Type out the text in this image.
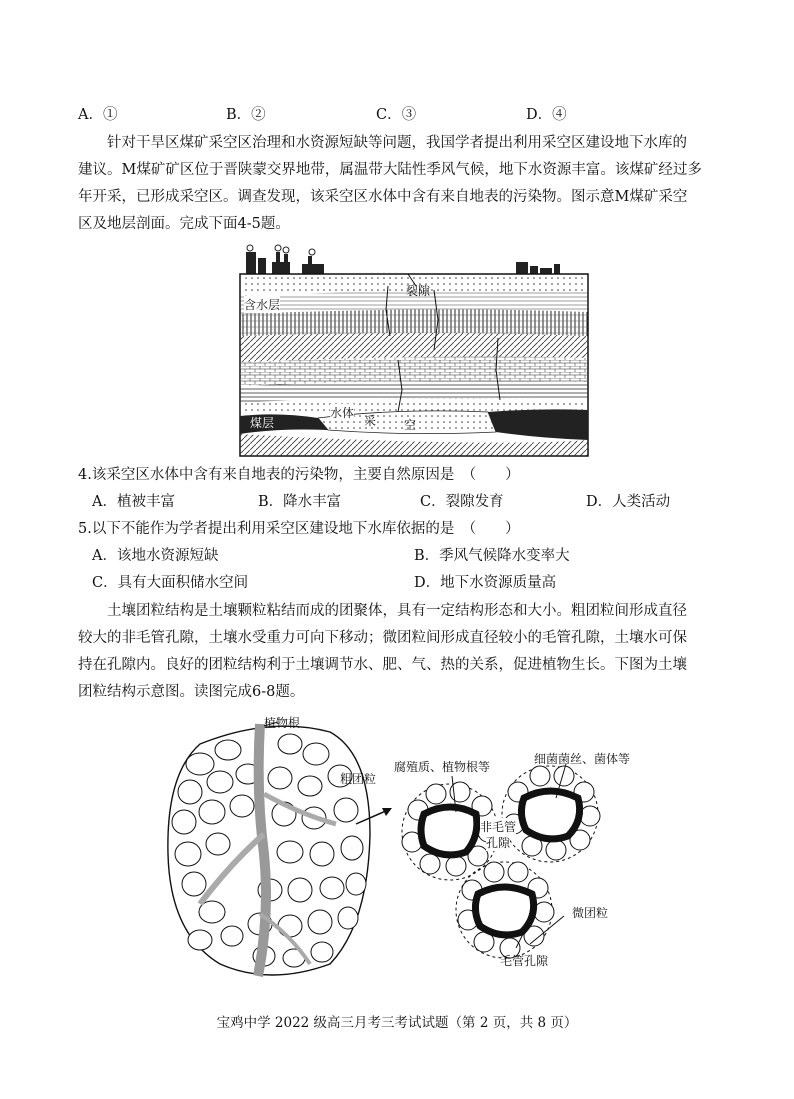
A．①	B．②	C．③	D．④
针对干旱区煤矿采空区治理和水资源短缺等问题，我国学者提出利用采空区建设地下水库的
建议。M煤矿矿区位于晋陕蒙交界地带，属温带大陆性季风气候，地下水资源丰富。该煤矿经过多
年开采，已形成采空区。调查发现，该采空区水体中含有来自地表的污染物。图示意M煤矿采空
区及地层剖面。完成下面4-5题。
裂隙
含水层
煤层
水体
采 空
4.该采空区水体中含有来自地表的污染物，主要自然原因是　（　　）
A．植被丰富	B．降水丰富	C．裂隙发育	D．人类活动
5.以下不能作为学者提出利用采空区建设地下水库依据的是　（　　）
A．该地水资源短缺	B．季风气候降水变率大
C．具有大面积储水空间	D．地下水资源质量高
土壤团粒结构是土壤颗粒粘结而成的团聚体，具有一定结构形态和大小。粗团粒间形成直径
较大的非毛管孔隙，土壤水受重力可向下移动；微团粒间形成直径较小的毛管孔隙，土壤水可保
持在孔隙内。良好的团粒结构利于土壤调节水、肥、气、热的关系，促进植物生长。下图为土壤
团粒结构示意图。读图完成6-8题。
植物根
粗团粒
腐殖质、植物根等
细菌菌丝、菌体等
非毛管
孔隙
微团粒
毛管孔隙
宝鸡中学 2022 级高三月考三考试试题（第 2 页，共 8 页）
